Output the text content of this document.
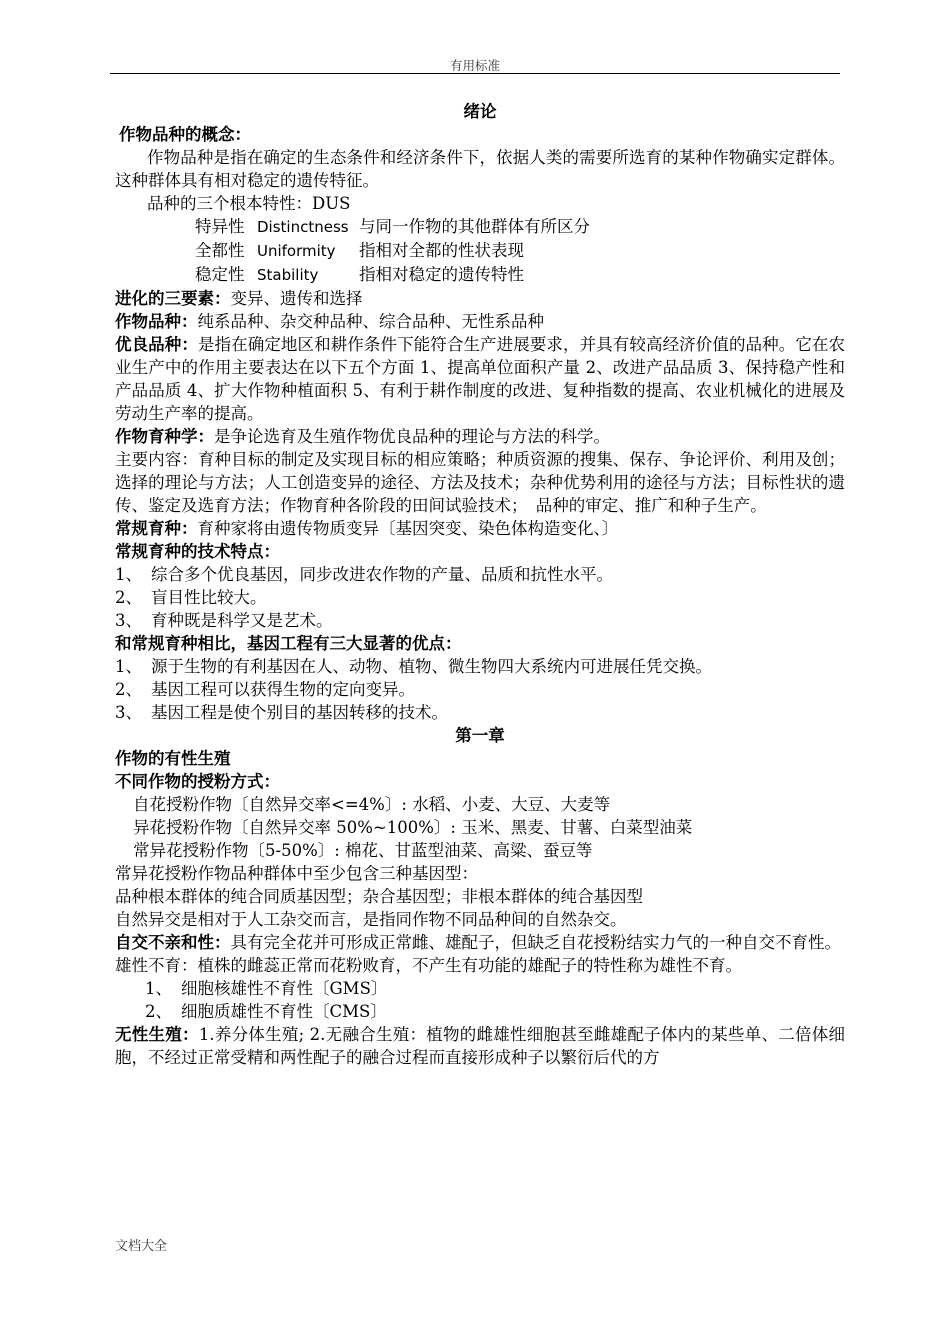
有用标准

绪论

作物品种的概念：

作物品种是指在确定的生态条件和经济条件下，依据人类的需要所选育的某种作物确实定群体。这种群体具有相对稳定的遗传特征。

品种的三个根本特性：DUS

特异性 Distinctness 与同一作物的其他群体有所区分

全都性 Uniformity 指相对全都的性状表现

稳定性 Stability 指相对稳定的遗传特性

进化的三要素：变异、遗传和选择

作物品种：纯系品种、杂交种品种、综合品种、无性系品种

优良品种：是指在确定地区和耕作条件下能符合生产进展要求，并具有较高经济价值的品种。它在农业生产中的作用主要表达在以下五个方面 1、提高单位面积产量 2、改进产品品质 3、保持稳产性和产品品质 4、扩大作物种植面积 5、有利于耕作制度的改进、复种指数的提高、农业机械化的进展及劳动生产率的提高。

作物育种学：是争论选育及生殖作物优良品种的理论与方法的科学。

主要内容：育种目标的制定及实现目标的相应策略；种质资源的搜集、保存、争论评价、利用及创；选择的理论与方法；人工创造变异的途径、方法及技术；杂种优势利用的途径与方法；目标性状的遗传、鉴定及选育方法；作物育种各阶段的田间试验技术；　品种的审定、推广和种子生产。

常规育种：育种家将由遗传物质变异〔基因突变、染色体构造变化、〕

常规育种的技术特点：

1、 综合多个优良基因，同步改进农作物的产量、品质和抗性水平。

2、 盲目性比较大。

3、 育种既是科学又是艺术。

和常规育种相比，基因工程有三大显著的优点：

1、 源于生物的有利基因在人、动物、植物、微生物四大系统内可进展任凭交换。

2、 基因工程可以获得生物的定向变异。

3、 基因工程是使个别目的基因转移的技术。

第一章

作物的有性生殖

不同作物的授粉方式：

自花授粉作物〔自然异交率<=4%〕: 水稻、小麦、大豆、大麦等

异花授粉作物〔自然异交率 50%~100%〕: 玉米、黑麦、甘薯、白菜型油菜

常异花授粉作物〔5-50%〕: 棉花、甘蓝型油菜、高粱、蚕豆等

常异花授粉作物品种群体中至少包含三种基因型：

品种根本群体的纯合同质基因型；杂合基因型；非根本群体的纯合基因型

自然异交是相对于人工杂交而言，是指同作物不同品种间的自然杂交。

自交不亲和性：具有完全花并可形成正常雌、雄配子，但缺乏自花授粉结实力气的一种自交不育性。

雄性不育：植株的雌蕊正常而花粉败育，不产生有功能的雄配子的特性称为雄性不育。

1、 细胞核雄性不育性〔GMS〕

2、 细胞质雄性不育性〔CMS〕

无性生殖：1.养分体生殖; 2.无融合生殖：植物的雌雄性细胞甚至雌雄配子体内的某些单、二倍体细胞，不经过正常受精和两性配子的融合过程而直接形成种子以繁衍后代的方

文档大全
